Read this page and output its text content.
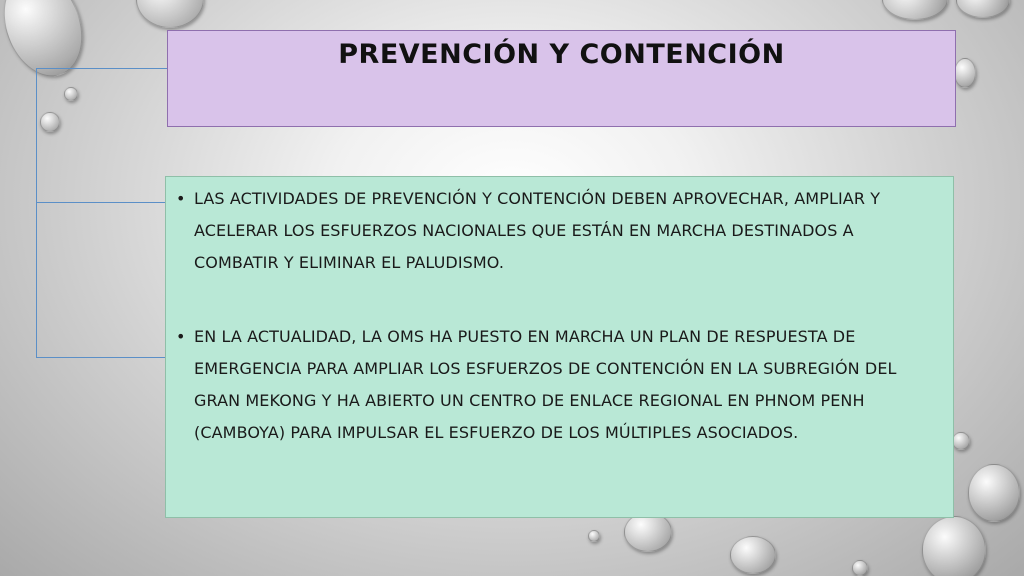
PREVENCIÓN Y CONTENCIÓN
• LAS ACTIVIDADES DE PREVENCIÓN Y CONTENCIÓN DEBEN APROVECHAR, AMPLIAR Y ACELERAR LOS ESFUERZOS NACIONALES QUE ESTÁN EN MARCHA DESTINADOS A COMBATIR Y ELIMINAR EL PALUDISMO.
• EN LA ACTUALIDAD, LA OMS HA PUESTO EN MARCHA UN PLAN DE RESPUESTA DE EMERGENCIA PARA AMPLIAR LOS ESFUERZOS DE CONTENCIÓN EN LA SUBREGIÓN DEL GRAN MEKONG Y HA ABIERTO UN CENTRO DE ENLACE REGIONAL EN PHNOM PENH (CAMBOYA) PARA IMPULSAR EL ESFUERZO DE LOS MÚLTIPLES ASOCIADOS.
